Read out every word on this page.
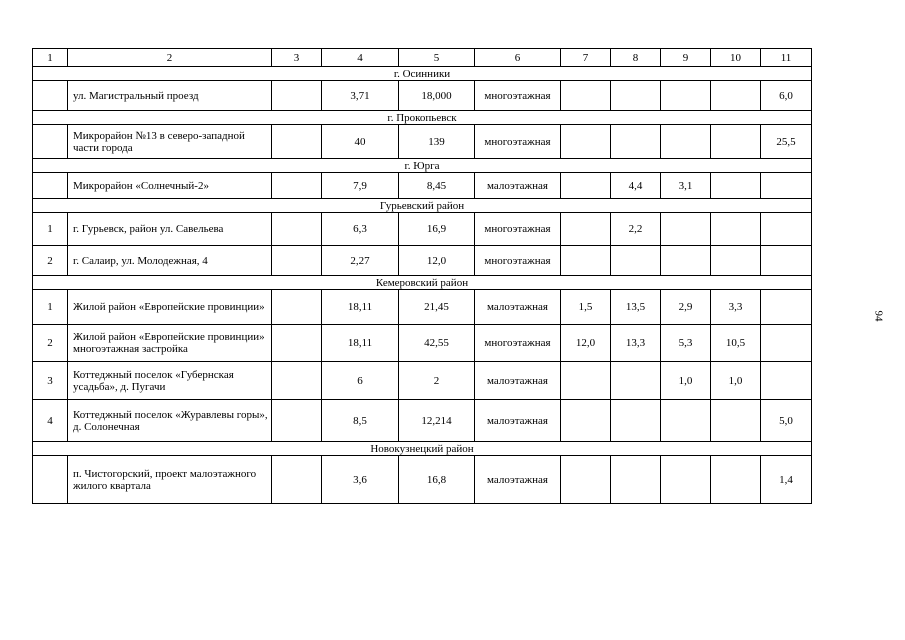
1	2	3	4	5	6	7	8	9	10	11
г. Осинники										
	ул. Магистральный проезд		3,71	18,000	многоэтажная					6,0
г. Прокопьевск										
	Микрорайон №13 в северо-западной части города		40	139	многоэтажная					25,5
г. Юрга										
	Микрорайон «Солнечный-2»		7,9	8,45	малоэтажная		4,4	3,1		
Гурьевский район										
1	г. Гурьевск, район ул. Савельева		6,3	16,9	многоэтажная		2,2			
2	г. Салаир, ул. Молодежная, 4		2,27	12,0	многоэтажная					
Кемеровский район										
1	Жилой район «Европейские провинции»		18,11	21,45	малоэтажная	1,5	13,5	2,9	3,3	
2	Жилой район «Европейские провинции» многоэтажная застройка		18,11	42,55	многоэтажная	12,0	13,3	5,3	10,5	
3	Коттеджный поселок «Губернская усадьба», д. Пугачи		6	2	малоэтажная			1,0	1,0	
4	Коттеджный поселок «Журавлевы горы», д. Солонечная		8,5	12,214	малоэтажная					5,0
Новокузнецкий район										
	п. Чистогорский, проект малоэтажного жилого квартала		3,6	16,8	малоэтажная					1,4
94
